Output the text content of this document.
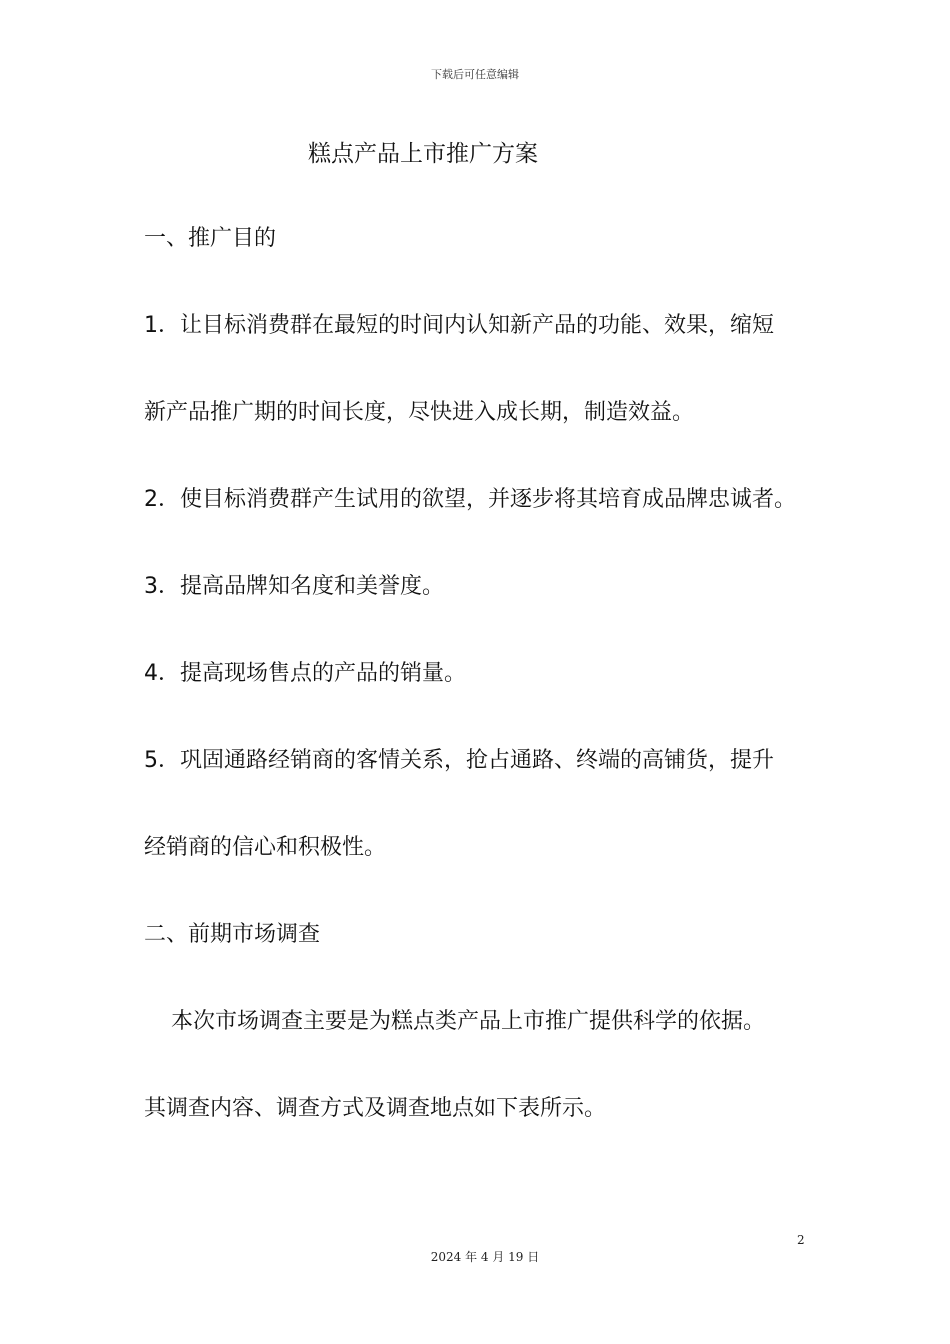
下载后可任意编辑
糕点产品上市推广方案
一、推广目的
1．让目标消费群在最短的时间内认知新产品的功能、效果，缩短
新产品推广期的时间长度，尽快进入成长期，制造效益。
2．使目标消费群产生试用的欲望，并逐步将其培育成品牌忠诚者。
3．提高品牌知名度和美誉度。
4．提高现场售点的产品的销量。
5．巩固通路经销商的客情关系，抢占通路、终端的高铺货，提升
经销商的信心和积极性。
二、前期市场调查
本次市场调查主要是为糕点类产品上市推广提供科学的依据。
其调查内容、调查方式及调查地点如下表所示。
2
2024 年 4 月 19 日
